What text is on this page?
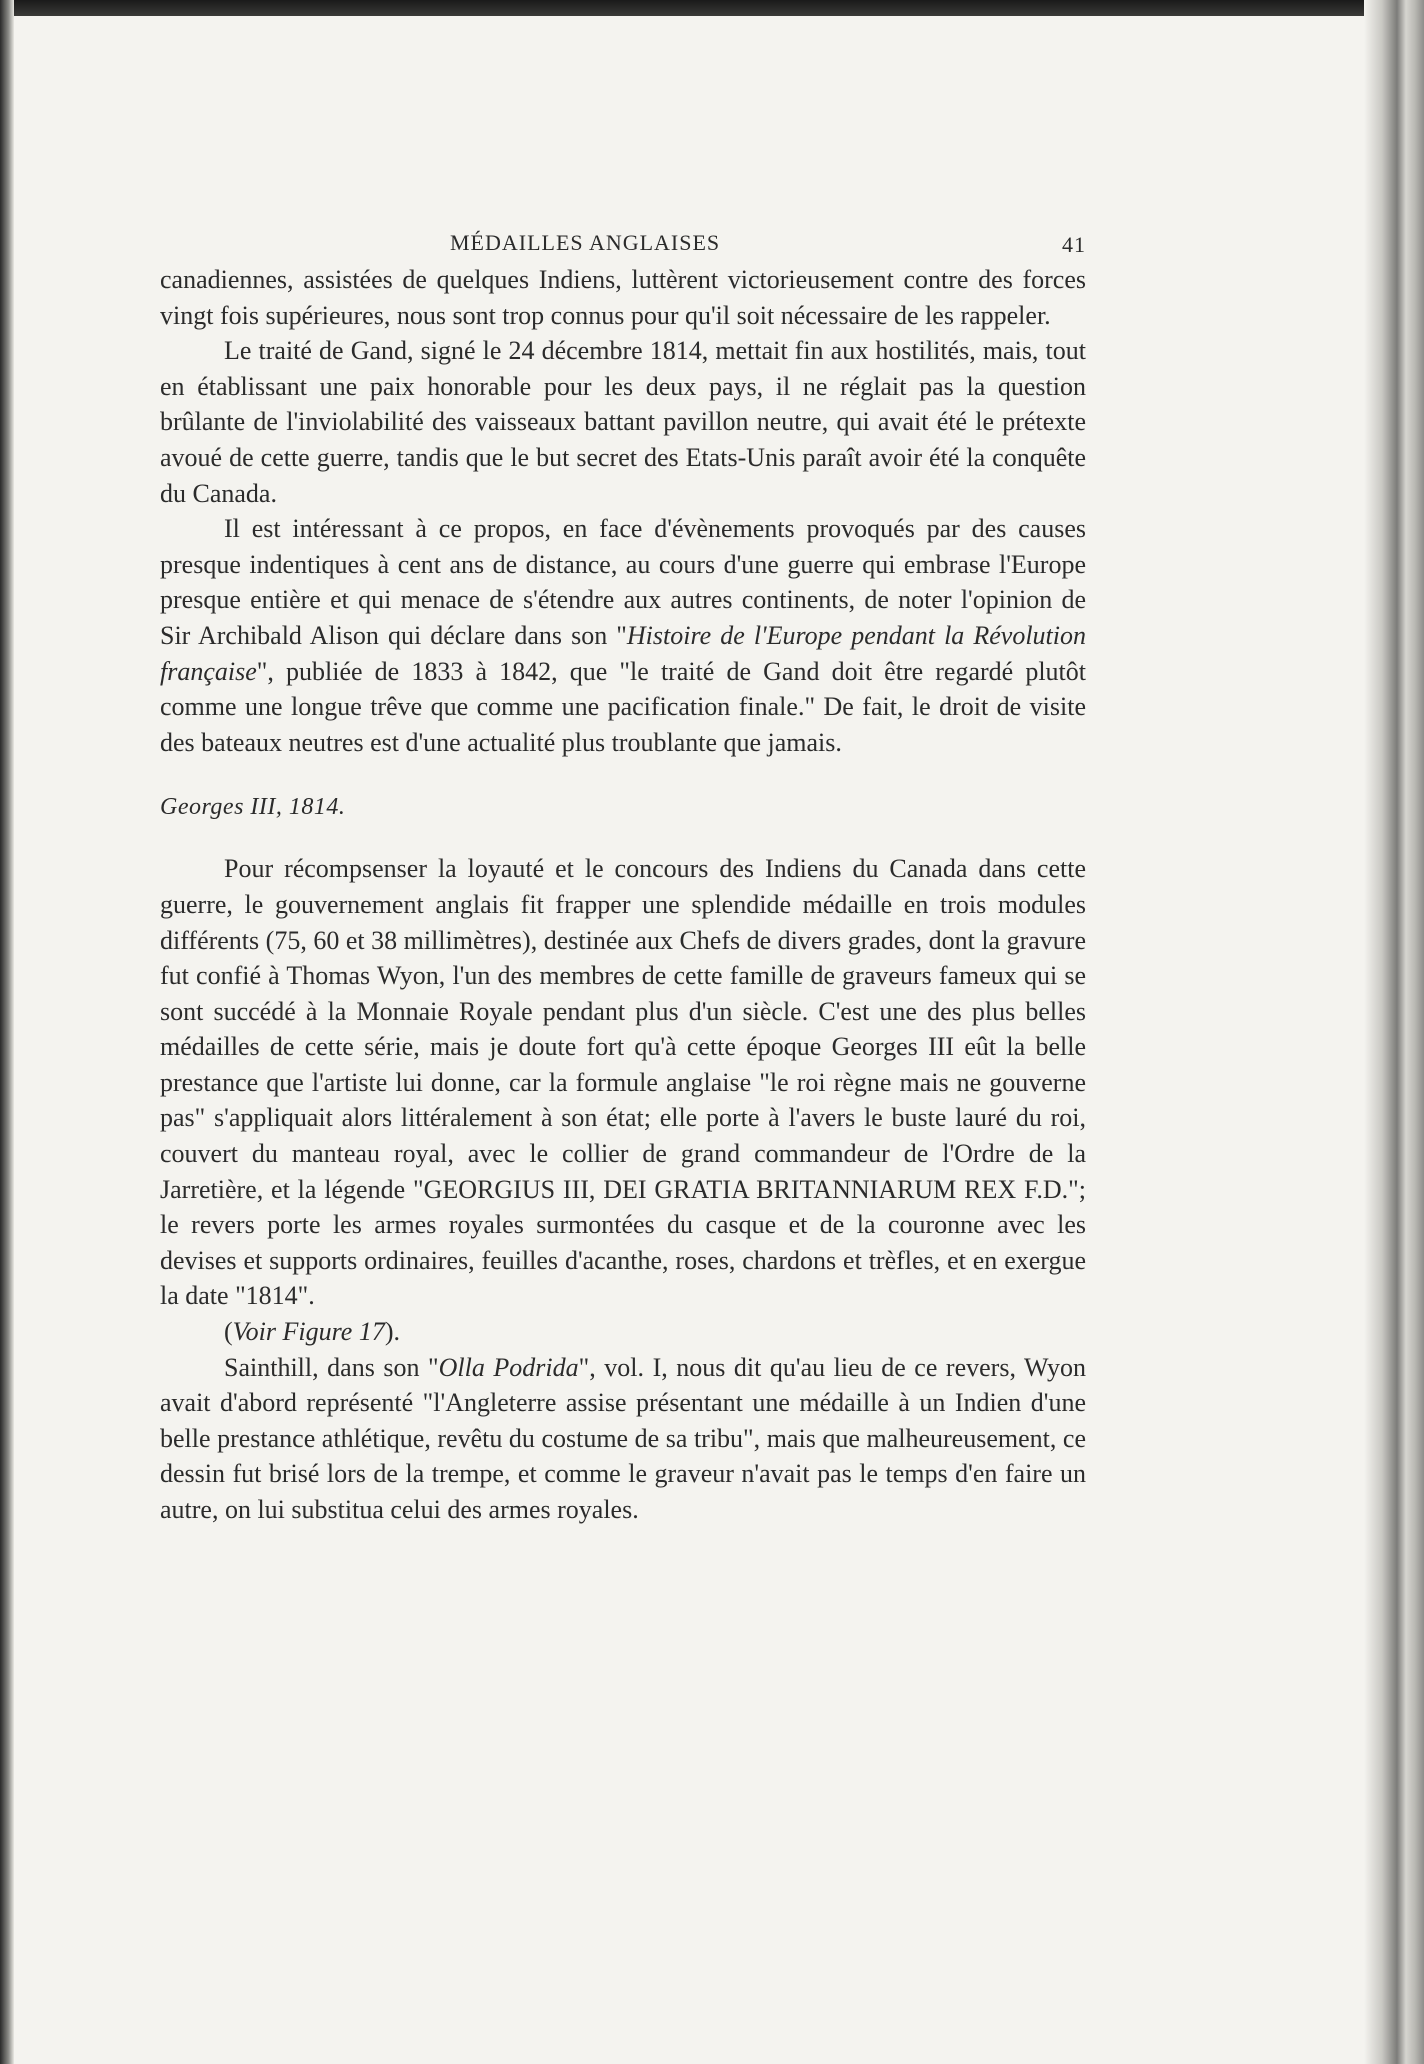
MÉDAILLES ANGLAISES	41

canadiennes, assistées de quelques Indiens, luttèrent victorieusement contre des forces vingt fois supérieures, nous sont trop connus pour qu'il soit nécessaire de les rappeler.

Le traité de Gand, signé le 24 décembre 1814, mettait fin aux hostilités, mais, tout en établissant une paix honorable pour les deux pays, il ne réglait pas la question brûlante de l'inviolabilité des vaisseaux battant pavillon neutre, qui avait été le prétexte avoué de cette guerre, tandis que le but secret des Etats-Unis paraît avoir été la conquête du Canada.

Il est intéressant à ce propos, en face d'évènements provoqués par des causes presque indentiques à cent ans de distance, au cours d'une guerre qui embrase l'Europe presque entière et qui menace de s'étendre aux autres continents, de noter l'opinion de Sir Archibald Alison qui déclare dans son "Histoire de l'Europe pendant la Révolution française", publiée de 1833 à 1842, que "le traité de Gand doit être regardé plutôt comme une longue trêve que comme une pacification finale." De fait, le droit de visite des bateaux neutres est d'une actualité plus troublante que jamais.

Georges III, 1814.

Pour récompsenser la loyauté et le concours des Indiens du Canada dans cette guerre, le gouvernement anglais fit frapper une splendide médaille en trois modules différents (75, 60 et 38 millimètres), destinée aux Chefs de divers grades, dont la gravure fut confié à Thomas Wyon, l'un des membres de cette famille de graveurs fameux qui se sont succédé à la Monnaie Royale pendant plus d'un siècle. C'est une des plus belles médailles de cette série, mais je doute fort qu'à cette époque Georges III eût la belle prestance que l'artiste lui donne, car la formule anglaise "le roi règne mais ne gouverne pas" s'appliquait alors littéralement à son état; elle porte à l'avers le buste lauré du roi, couvert du manteau royal, avec le collier de grand commandeur de l'Ordre de la Jarretière, et la légende "GEORGIUS III, DEI GRATIA BRITANNIARUM REX F.D."; le revers porte les armes royales surmontées du casque et de la couronne avec les devises et supports ordinaires, feuilles d'acanthe, roses, chardons et trèfles, et en exergue la date "1814".

(Voir Figure 17).

Sainthill, dans son "Olla Podrida", vol. I, nous dit qu'au lieu de ce revers, Wyon avait d'abord représenté "l'Angleterre assise présentant une médaille à un Indien d'une belle prestance athlétique, revêtu du costume de sa tribu", mais que malheureusement, ce dessin fut brisé lors de la trempe, et comme le graveur n'avait pas le temps d'en faire un autre, on lui substitua celui des armes royales.
